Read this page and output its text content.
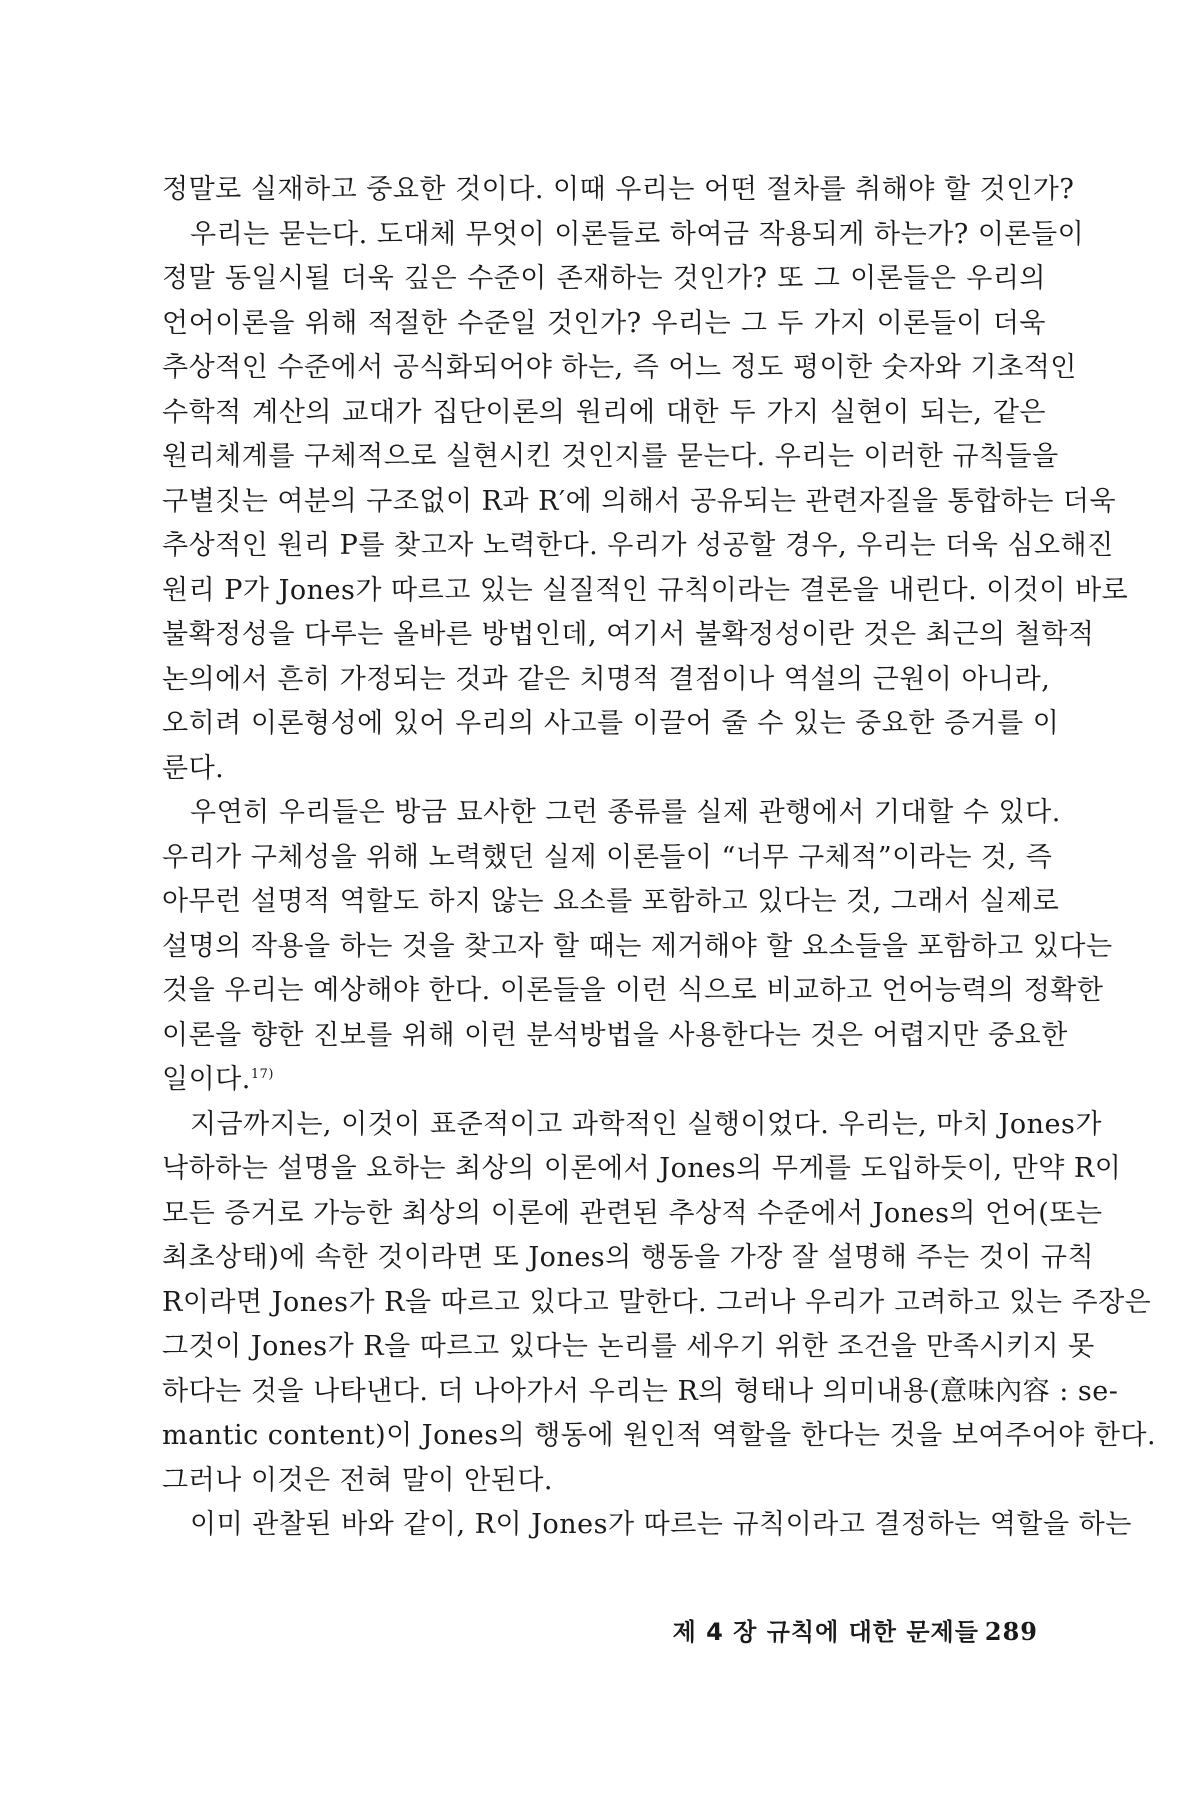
정말로 실재하고 중요한 것이다. 이때 우리는 어떤 절차를 취해야 할 것인가?
우리는 묻는다. 도대체 무엇이 이론들로 하여금 작용되게 하는가? 이론들이
정말 동일시될 더욱 깊은 수준이 존재하는 것인가? 또 그 이론들은 우리의
언어이론을 위해 적절한 수준일 것인가? 우리는 그 두 가지 이론들이 더욱
추상적인 수준에서 공식화되어야 하는, 즉 어느 정도 평이한 숫자와 기초적인
수학적 계산의 교대가 집단이론의 원리에 대한 두 가지 실현이 되는, 같은
원리체계를 구체적으로 실현시킨 것인지를 묻는다. 우리는 이러한 규칙들을
구별짓는 여분의 구조없이 R과 R′에 의해서 공유되는 관련자질을 통합하는 더욱
추상적인 원리 P를 찾고자 노력한다. 우리가 성공할 경우, 우리는 더욱 심오해진
원리 P가 Jones가 따르고 있는 실질적인 규칙이라는 결론을 내린다. 이것이 바로
불확정성을 다루는 올바른 방법인데, 여기서 불확정성이란 것은 최근의 철학적
논의에서 흔히 가정되는 것과 같은 치명적 결점이나 역설의 근원이 아니라,
오히려 이론형성에 있어 우리의 사고를 이끌어 줄 수 있는 중요한 증거를 이
룬다.
우연히 우리들은 방금 묘사한 그런 종류를 실제 관행에서 기대할 수 있다.
우리가 구체성을 위해 노력했던 실제 이론들이 “너무 구체적”이라는 것, 즉
아무런 설명적 역할도 하지 않는 요소를 포함하고 있다는 것, 그래서 실제로
설명의 작용을 하는 것을 찾고자 할 때는 제거해야 할 요소들을 포함하고 있다는
것을 우리는 예상해야 한다. 이론들을 이런 식으로 비교하고 언어능력의 정확한
이론을 향한 진보를 위해 이런 분석방법을 사용한다는 것은 어렵지만 중요한
일이다.$^{17)}$
지금까지는, 이것이 표준적이고 과학적인 실행이었다. 우리는, 마치 Jones가
낙하하는 설명을 요하는 최상의 이론에서 Jones의 무게를 도입하듯이, 만약 R이
모든 증거로 가능한 최상의 이론에 관련된 추상적 수준에서 Jones의 언어(또는
최초상태)에 속한 것이라면 또 Jones의 행동을 가장 잘 설명해 주는 것이 규칙
R이라면 Jones가 R을 따르고 있다고 말한다. 그러나 우리가 고려하고 있는 주장은
그것이 Jones가 R을 따르고 있다는 논리를 세우기 위한 조건을 만족시키지 못
하다는 것을 나타낸다. 더 나아가서 우리는 R의 형태나 의미내용(意味內容 : se-
mantic content)이 Jones의 행동에 원인적 역할을 한다는 것을 보여주어야 한다.
그러나 이것은 전혀 말이 안된다.
이미 관찰된 바와 같이, R이 Jones가 따르는 규칙이라고 결정하는 역할을 하는
제 4 장 규칙에 대한 문제들 289
